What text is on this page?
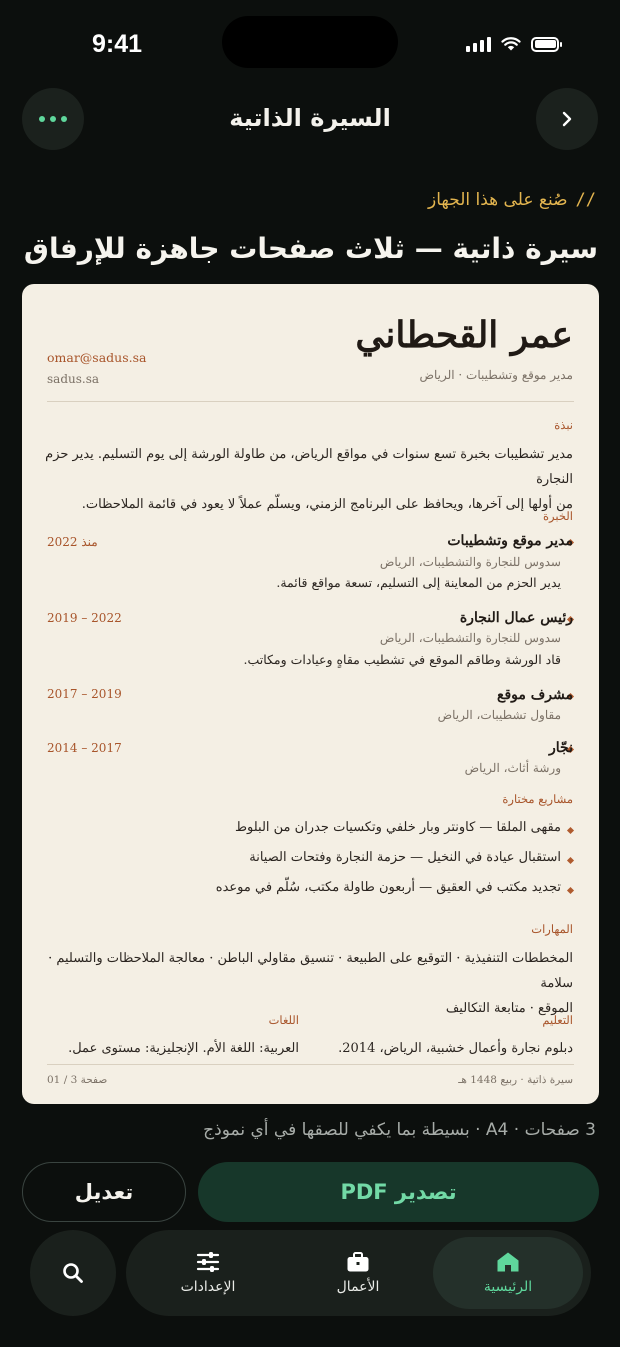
9:41
السيرة الذاتية
//
صُنع على هذا الجهاز
سيرة ذاتية — ثلاث صفحات جاهزة للإرفاق
عمر القحطاني
مدير موقع وتشطيبات · الرياض
omar@sadus.sa
sadus.sa
نبذة
مدير تشطيبات بخبرة تسع سنوات في مواقع الرياض، من طاولة الورشة إلى يوم التسليم. يدير حزم النجارة
من أولها إلى آخرها، ويحافظ على البرنامج الزمني، ويسلّم عملاً لا يعود في قائمة الملاحظات.
الخبرة
مدير موقع وتشطيبات
سدوس للنجارة والتشطيبات، الرياض
يدير الحزم من المعاينة إلى التسليم، تسعة مواقع قائمة.
منذ 2022
رئيس عمال النجارة
سدوس للنجارة والتشطيبات، الرياض
قاد الورشة وطاقم الموقع في تشطيب مقاهٍ وعيادات ومكاتب.
2019 – 2022
مشرف موقع
مقاول تشطيبات، الرياض
2017 – 2019
نجّار
ورشة أثاث، الرياض
2014 – 2017
مشاريع مختارة
مقهى الملقا — كاونتر وبار خلفي وتكسيات جدران من البلوط
استقبال عيادة في النخيل — حزمة النجارة وفتحات الصيانة
تجديد مكتب في العقيق — أربعون طاولة مكتب، سُلّم في موعده
المهارات
المخططات التنفيذية · التوقيع على الطبيعة · تنسيق مقاولي الباطن · معالجة الملاحظات والتسليم · سلامة
الموقع · متابعة التكاليف
التعليم
دبلوم نجارة وأعمال خشبية، الرياض، 2014.
اللغات
العربية: اللغة الأم. الإنجليزية: مستوى عمل.
سيرة ذاتية · ربيع 1448 هـ
صفحة 3 / 01
3 صفحات · A4 · بسيطة بما يكفي للصقها في أي نموذج
تصدير PDF
تعديل
الرئيسية
الأعمال
الإعدادات
